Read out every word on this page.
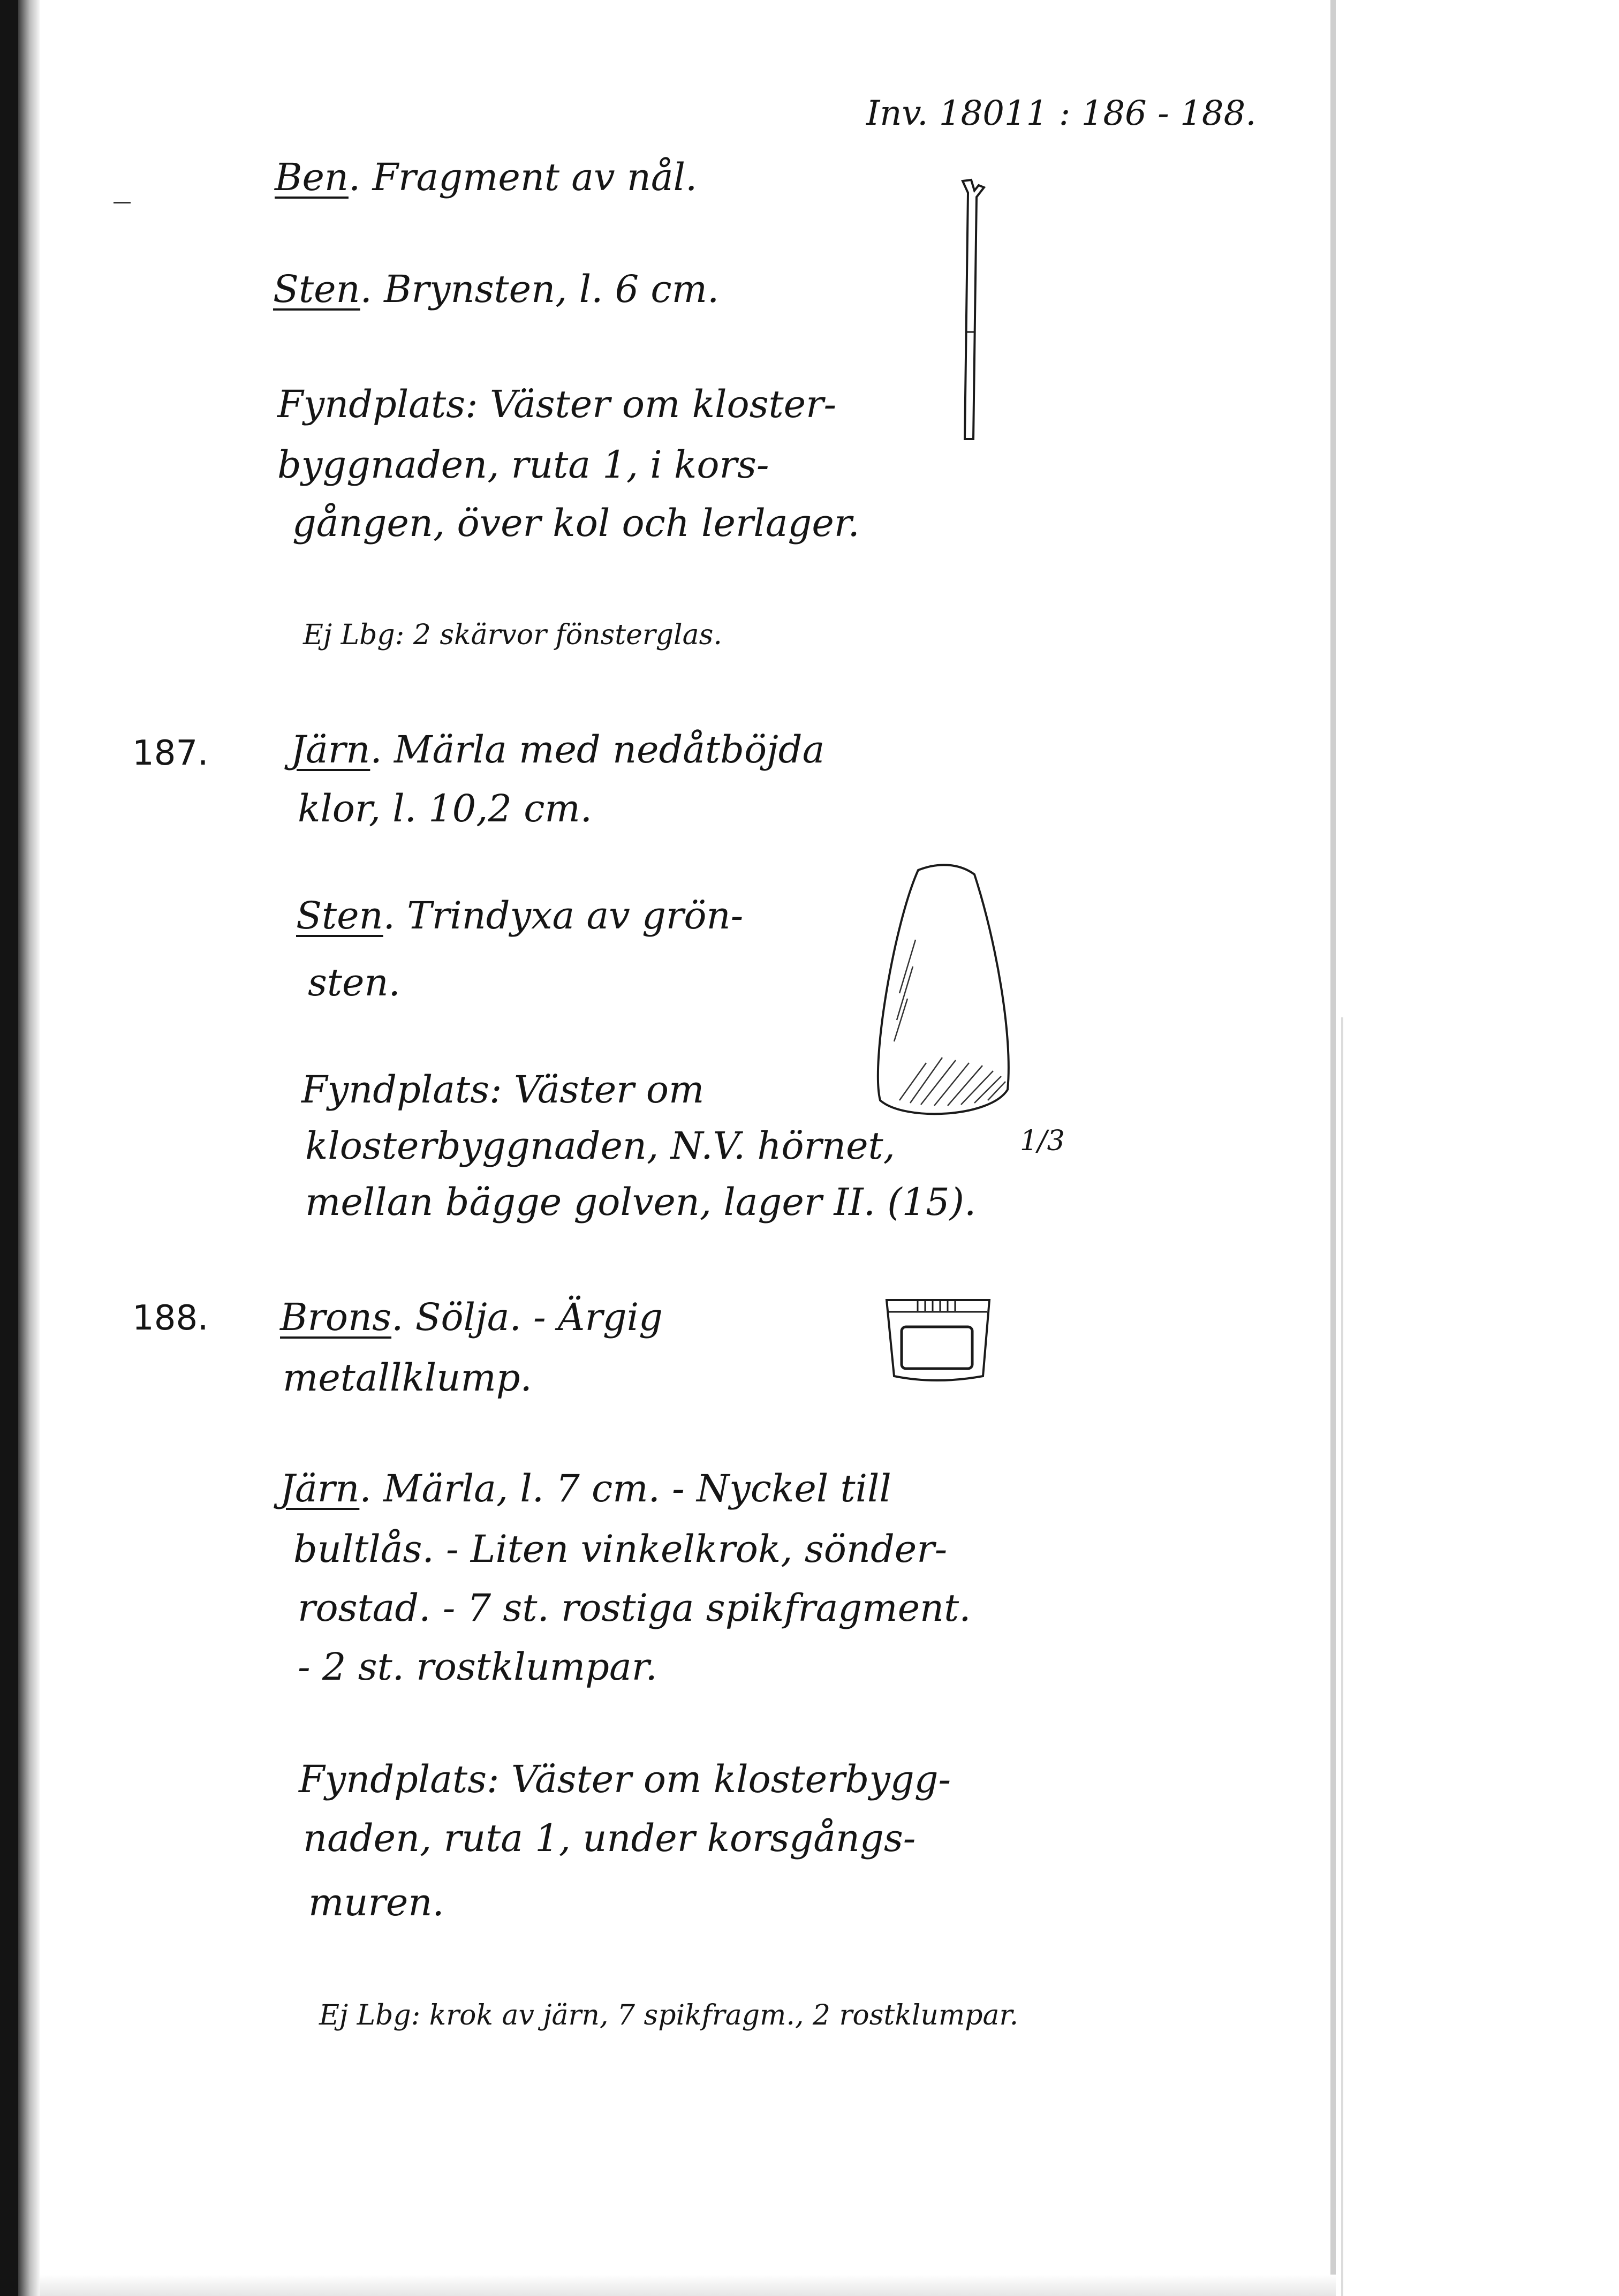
Inv. 18011 : 186 - 188.
Ben. Fragment av nål.
Sten. Brynsten, l. 6 cm.
Fyndplats: Väster om kloster-
byggnaden, ruta 1, i kors-
gången, över kol och lerlager.
Ej Lbg: 2 skärvor fönsterglas.
187. Järn. Märla med nedåtböjda
klor, l. 10,2 cm.
Sten. Trindyxa av grön-
sten.
Fyndplats: Väster om
klosterbyggnaden, N.V. hörnet,
mellan bägge golven, lager II. (15).
1/3
188. Brons. Sölja. - Ärgig
metallklump.
Järn. Märla, l. 7 cm. - Nyckel till
bultlås. - Liten vinkelkrok, sönder-
rostad. - 7 st. rostiga spikfragment.
- 2 st. rostklumpar.
Fyndplats: Väster om klosterbygg-
naden, ruta 1, under korsgångs-
muren.
Ej Lbg: krok av järn, 7 spikfragm., 2 rostklumpar.
